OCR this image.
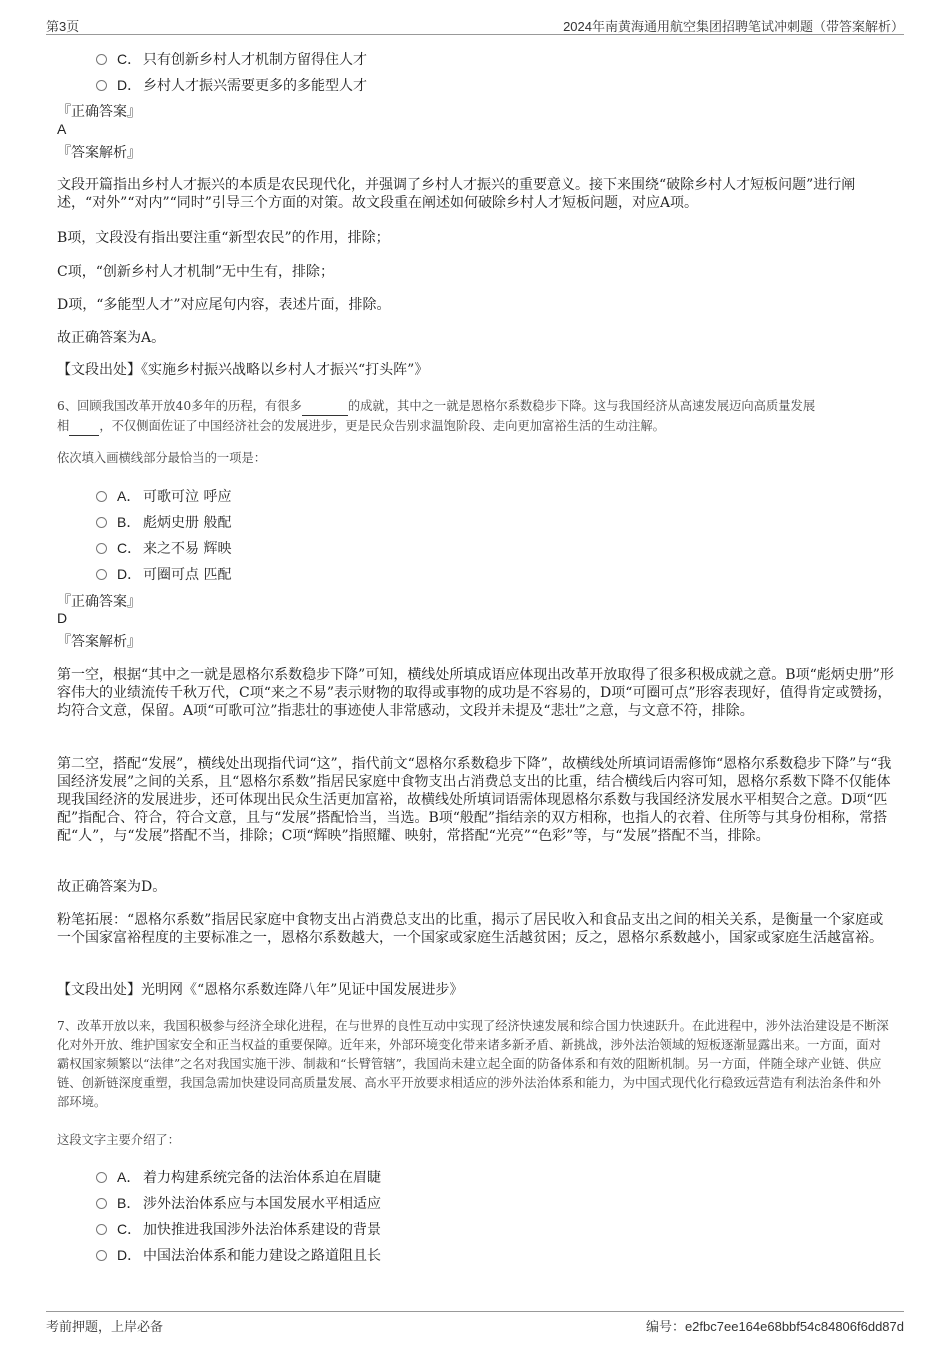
第3页	2024年南黄海通用航空集团招聘笔试冲刺题（带答案解析）
C． 只有创新乡村人才机制方留得住人才
D． 乡村人才振兴需要更多的多能型人才
『正确答案』
A
『答案解析』
文段开篇指出乡村人才振兴的本质是农民现代化，并强调了乡村人才振兴的重要意义。接下来围绕“破除乡村人才短板问题”进行阐述，“对外”“对内”“同时”引导三个方面的对策。故文段重在阐述如何破除乡村人才短板问题，对应A项。
B项，文段没有指出要注重“新型农民”的作用，排除；
C项，“创新乡村人才机制”无中生有，排除；
D项，“多能型人才”对应尾句内容，表述片面，排除。
故正确答案为A。
【文段出处】《实施乡村振兴战略以乡村人才振兴“打头阵”》
6、回顾我国改革开放40多年的历程，有很多	的成就，其中之一就是恩格尔系数稳步下降。这与我国经济从高速发展迈向高质量发展
相 ，不仅侧面佐证了中国经济社会的发展进步，更是民众告别求温饱阶段、走向更加富裕生活的生动注解。
依次填入画横线部分最恰当的一项是：
A． 可歌可泣 呼应
B． 彪炳史册 般配
C． 来之不易 辉映
D． 可圈可点 匹配
『正确答案』
D
『答案解析』
第一空，根据“其中之一就是恩格尔系数稳步下降”可知，横线处所填成语应体现出改革开放取得了很多积极成就之意。B项“彪炳史册”形容伟大的业绩流传千秋万代，C项“来之不易”表示财物的取得或事物的成功是不容易的，D项“可圈可点”形容表现好，值得肯定或赞扬，均符合文意，保留。A项“可歌可泣”指悲壮的事迹使人非常感动，文段并未提及“悲壮”之意，与文意不符，排除。
第二空，搭配“发展”，横线处出现指代词“这”，指代前文“恩格尔系数稳步下降”，故横线处所填词语需修饰“恩格尔系数稳步下降”与“我国经济发展”之间的关系，且“恩格尔系数”指居民家庭中食物支出占消费总支出的比重，结合横线后内容可知，恩格尔系数下降不仅能体现我国经济的发展进步，还可体现出民众生活更加富裕，故横线处所填词语需体现恩格尔系数与我国经济发展水平相契合之意。D项“匹配”指配合、符合，符合文意，且与“发展”搭配恰当，当选。B项“般配”指结亲的双方相称，也指人的衣着、住所等与其身份相称，常搭配“人”，与“发展”搭配不当，排除；C项“辉映”指照耀、映射，常搭配“光亮”“色彩”等，与“发展”搭配不当，排除。
故正确答案为D。
粉笔拓展：“恩格尔系数”指居民家庭中食物支出占消费总支出的比重，揭示了居民收入和食品支出之间的相关关系，是衡量一个家庭或一个国家富裕程度的主要标准之一，恩格尔系数越大，一个国家或家庭生活越贫困；反之，恩格尔系数越小，国家或家庭生活越富裕。
【文段出处】光明网《“恩格尔系数连降八年”见证中国发展进步》
7、改革开放以来，我国积极参与经济全球化进程，在与世界的良性互动中实现了经济快速发展和综合国力快速跃升。在此进程中，涉外法治建设是不断深化对外开放、维护国家安全和正当权益的重要保障。近年来，外部环境变化带来诸多新矛盾、新挑战，涉外法治领域的短板逐渐显露出来。一方面，面对霸权国家频繁以“法律”之名对我国实施干涉、制裁和“长臂管辖”，我国尚未建立起全面的防备体系和有效的阻断机制。另一方面，伴随全球产业链、供应链、创新链深度重塑，我国急需加快建设同高质量发展、高水平开放要求相适应的涉外法治体系和能力，为中国式现代化行稳致远营造有利法治条件和外部环境。
这段文字主要介绍了：
A． 着力构建系统完备的法治体系迫在眉睫
B． 涉外法治体系应与本国发展水平相适应
C． 加快推进我国涉外法治体系建设的背景
D． 中国法治体系和能力建设之路道阻且长
考前押题，上岸必备	编号：e2fbc7ee164e68bbf54c84806f6dd87d
